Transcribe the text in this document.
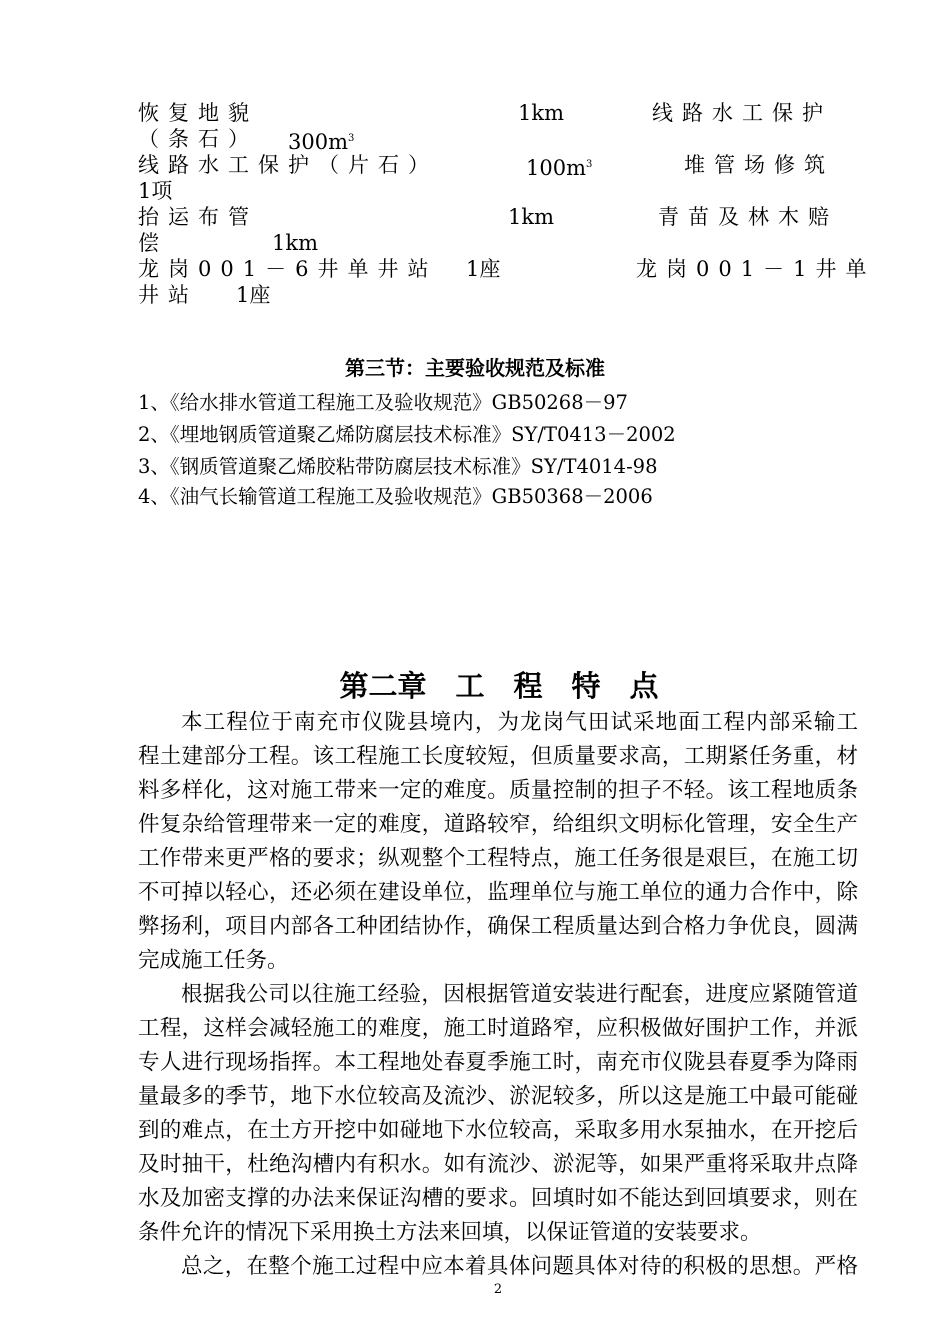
恢复地貌	1km	线路水工保护
（条石） $300m^3$
线路水工保护（片石）	$100m^3$	堆管场修筑
1项
抬运布管	1km	青苗及林木赔
偿	1km
龙岗001－6井单井站 1座	龙岗001－1井单
井站 1座
第三节：主要验收规范及标准
1、《给水排水管道工程施工及验收规范》GB50268－97
2、《埋地钢质管道聚乙烯防腐层技术标准》SY/T0413－2002
3、《钢质管道聚乙烯胶粘带防腐层技术标准》SY/T4014-98
4、《油气长输管道工程施工及验收规范》GB50368－2006
第二章　工　程　特　点
本工程位于南充市仪陇县境内，为龙岗气田试采地面工程内部采输工
程土建部分工程。该工程施工长度较短，但质量要求高，工期紧任务重，材
料多样化，这对施工带来一定的难度。质量控制的担子不轻。该工程地质条
件复杂给管理带来一定的难度，道路较窄，给组织文明标化管理，安全生产
工作带来更严格的要求；纵观整个工程特点，施工任务很是艰巨，在施工切
不可掉以轻心，还必须在建设单位，监理单位与施工单位的通力合作中，除
弊扬利，项目内部各工种团结协作，确保工程质量达到合格力争优良，圆满
完成施工任务。
根据我公司以往施工经验，因根据管道安装进行配套，进度应紧随管道
工程，这样会减轻施工的难度，施工时道路窄，应积极做好围护工作，并派
专人进行现场指挥。本工程地处春夏季施工时，南充市仪陇县春夏季为降雨
量最多的季节，地下水位较高及流沙、淤泥较多，所以这是施工中最可能碰
到的难点，在土方开挖中如碰地下水位较高，采取多用水泵抽水，在开挖后
及时抽干，杜绝沟槽内有积水。如有流沙、淤泥等，如果严重将采取井点降
水及加密支撑的办法来保证沟槽的要求。回填时如不能达到回填要求，则在
条件允许的情况下采用换土方法来回填，以保证管道的安装要求。
总之，在整个施工过程中应本着具体问题具体对待的积极的思想。严格
2
